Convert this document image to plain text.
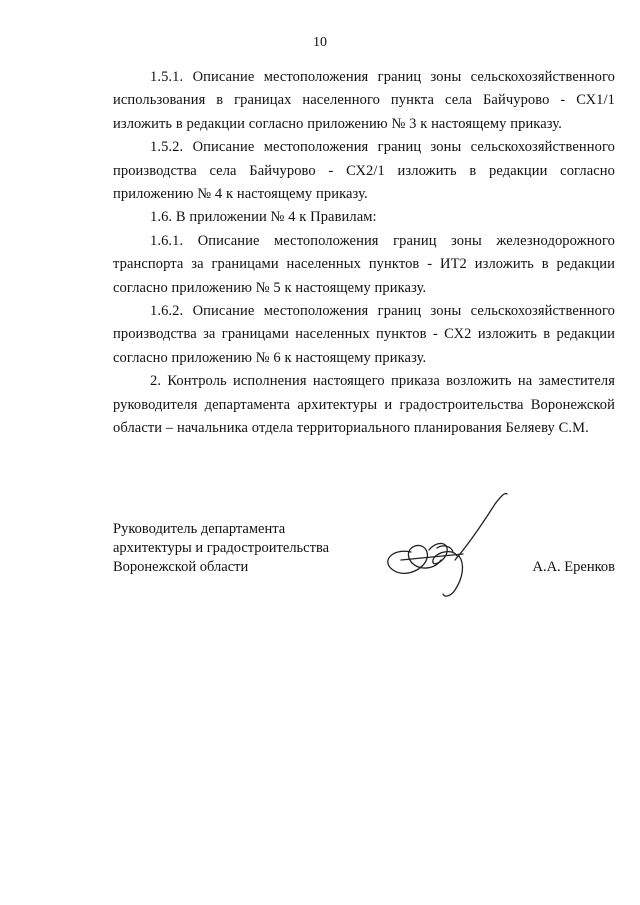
10

1.5.1. Описание местоположения границ зоны сельскохозяйственного использования в границах населенного пункта села Байчурово - СХ1/1 изложить в редакции согласно приложению № 3 к настоящему приказу.

1.5.2. Описание местоположения границ зоны сельскохозяйственного производства села Байчурово - СХ2/1 изложить в редакции согласно приложению № 4 к настоящему приказу.

1.6. В приложении № 4 к Правилам:

1.6.1. Описание местоположения границ зоны железнодорожного транспорта за границами населенных пунктов - ИТ2 изложить в редакции согласно приложению № 5 к настоящему приказу.

1.6.2. Описание местоположения границ зоны сельскохозяйственного производства за границами населенных пунктов - СХ2 изложить в редакции согласно приложению № 6 к настоящему приказу.

2. Контроль исполнения настоящего приказа возложить на заместителя руководителя департамента архитектуры и градостроительства Воронежской области – начальника отдела территориального планирования Беляеву С.М.

Руководитель департамента
архитектуры и градостроительства
Воронежской области	А.А. Еренков
